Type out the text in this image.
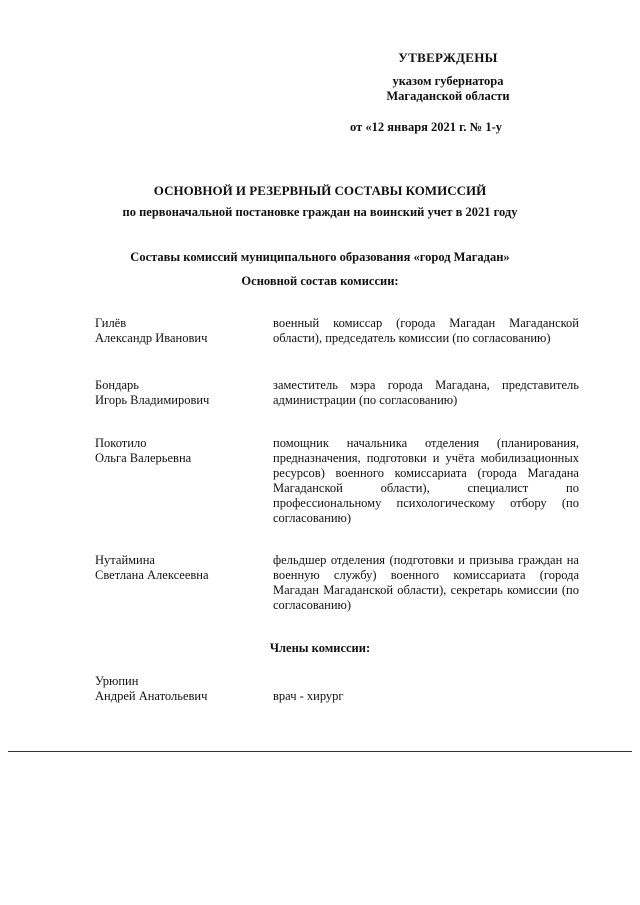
УТВЕРЖДЕНЫ
указом губернатора
Магаданской области
от «12 января 2021 г. № 1-у
ОСНОВНОЙ И РЕЗЕРВНЫЙ СОСТАВЫ КОМИССИЙ
по первоначальной постановке граждан на воинский учет в 2021 году
Составы комиссий муниципального образования «город Магадан»
Основной состав комиссии:
Гилёв
Александр Иванович
военный комиссар (города Магадан Магаданской области), председатель комиссии (по согласованию)
Бондарь
Игорь Владимирович
заместитель мэра города Магадана, представитель администрации (по согласованию)
Покотило
Ольга Валерьевна
помощник начальника отделения (планирования, предназначения, подготовки и учёта мобилизационных ресурсов) военного комиссариата (города Магадана Магаданской области), специалист по профессиональному психологическому отбору (по согласованию)
Нутаймина
Светлана Алексеевна
фельдшер отделения (подготовки и призыва граждан на военную службу) военного комиссариата (города Магадан Магаданской области), секретарь комиссии (по согласованию)
Члены комиссии:
Урюпин
Андрей Анатольевич	врач - хирург
